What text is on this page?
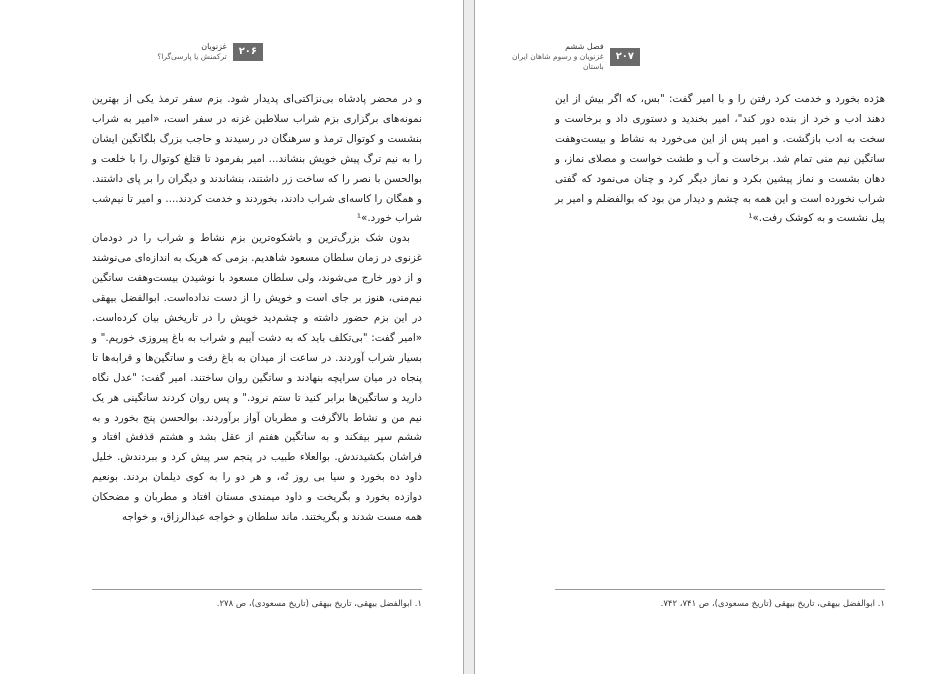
۲۰۶
غزنویان
ترکمنش یا پارسی‌گرا؟

و در محضر پادشاه بی‌نزاکتی‌ای پدیدار شود. بزم سفر ترمذ یکی از بهترین نمونه‌های برگزاری بزم شراب سلاطین غزنه در سفر است، «امیر به شراب بنشست و کوتوال ترمذ و سرهنگان در رسیدند و حاجب بزرگ بلگاتگین ایشان را به نیم ترگ پیش خویش بنشاند... امیر بفرمود تا قتلغ کوتوال را با خلعت و بوالحسن با نصر را که ساخت زر داشتند، بنشاندند و دیگران را بر پای داشتند. و همگان را کاسه‌ای شراب دادند، بخوردند و خدمت کردند.... و امیر تا نیم‌شب شراب خورد.»¹

بدون شک بزرگ‌ترین و باشکوه‌ترین بزم نشاط و شراب را در دودمان غزنوی در زمان سلطان مسعود شاهدیم. بزمی که هریک به اندازه‌ای می‌نوشند و از دور خارج می‌شوند، ولی سلطان مسعود با نوشیدن بیست‌وهفت ساتگین نیم‌منی، هنوز بر جای است و خویش را از دست نداده‌است. ابوالفضل بیهقی در این بزم حضور داشته و چشم‌دید خویش را در تاریخش بیان کرده‌است. «امیر گفت: "بی‌تکلف باید که به دشت آییم و شراب به باغ پیروزی خوریم." و بسیار شراب آوردند. در ساعت از میدان به باغ رفت و ساتگین‌ها و قرابه‌ها تا پنجاه در میان سرایچه بنهادند و ساتگین روان ساختند. امیر گفت: "عدل نگاه دارید و ساتگین‌ها برابر کنید تا ستم نرود." و پس روان کردند ساتگینی هر یک نیم من و نشاط بالاگرفت و مطربان آواز برآوردند. بوالحسن پنج بخورد و به ششم سپر بیفکند و به ساتگین هفتم از عقل بشد و هشتم قذفش افتاد و فراشان بکشیدندش. بوالعلاء طبیب در پنجم سر پیش کرد و ببردندش. خلیل داود ده بخورد و سیا بی روز نُه، و هر دو را به کوی دیلمان بردند. بونعیم دوازده بخورد و بگریخت و داود میمندی مستان افتاد و مطربان و مضحکان همه مست شدند و بگریختند. ماند سلطان و خواجه عبدالرزاق، و خواجه

۱. ابوالفضل بیهقی، تاریخ بیهقی (تاریخ مسعودی)، ص ۲۷۸.
۲۰۷
فصل ششم
غزنویان و رسوم شاهان ایران باستان

هژده بخورد و خدمت کرد رفتن را و با امیر گفت: "بس، که اگر بیش از این دهند ادب و خرد از بنده دور کند"، امیر بخندید و دستوری داد و برخاست و سخت به ادب بازگشت. و امیر پس از این می‌خورد به نشاط و بیست‌وهفت ساتگین نیم منی تمام شد. برخاست و آب و طشت خواست و مصلای نماز، و دهان بشست و نماز پیشین بکرد و نماز دیگر کرد و چنان می‌نمود که گفتی شراب نخورده است و این همه به چشم و دیدار من بود که بوالفضلم و امیر بر پیل نشست و به کوشک رفت.»¹

۱. ابوالفضل بیهقی، تاریخ بیهقی (تاریخ مسعودی)، ص ۷۴۱، ۷۴۲.
